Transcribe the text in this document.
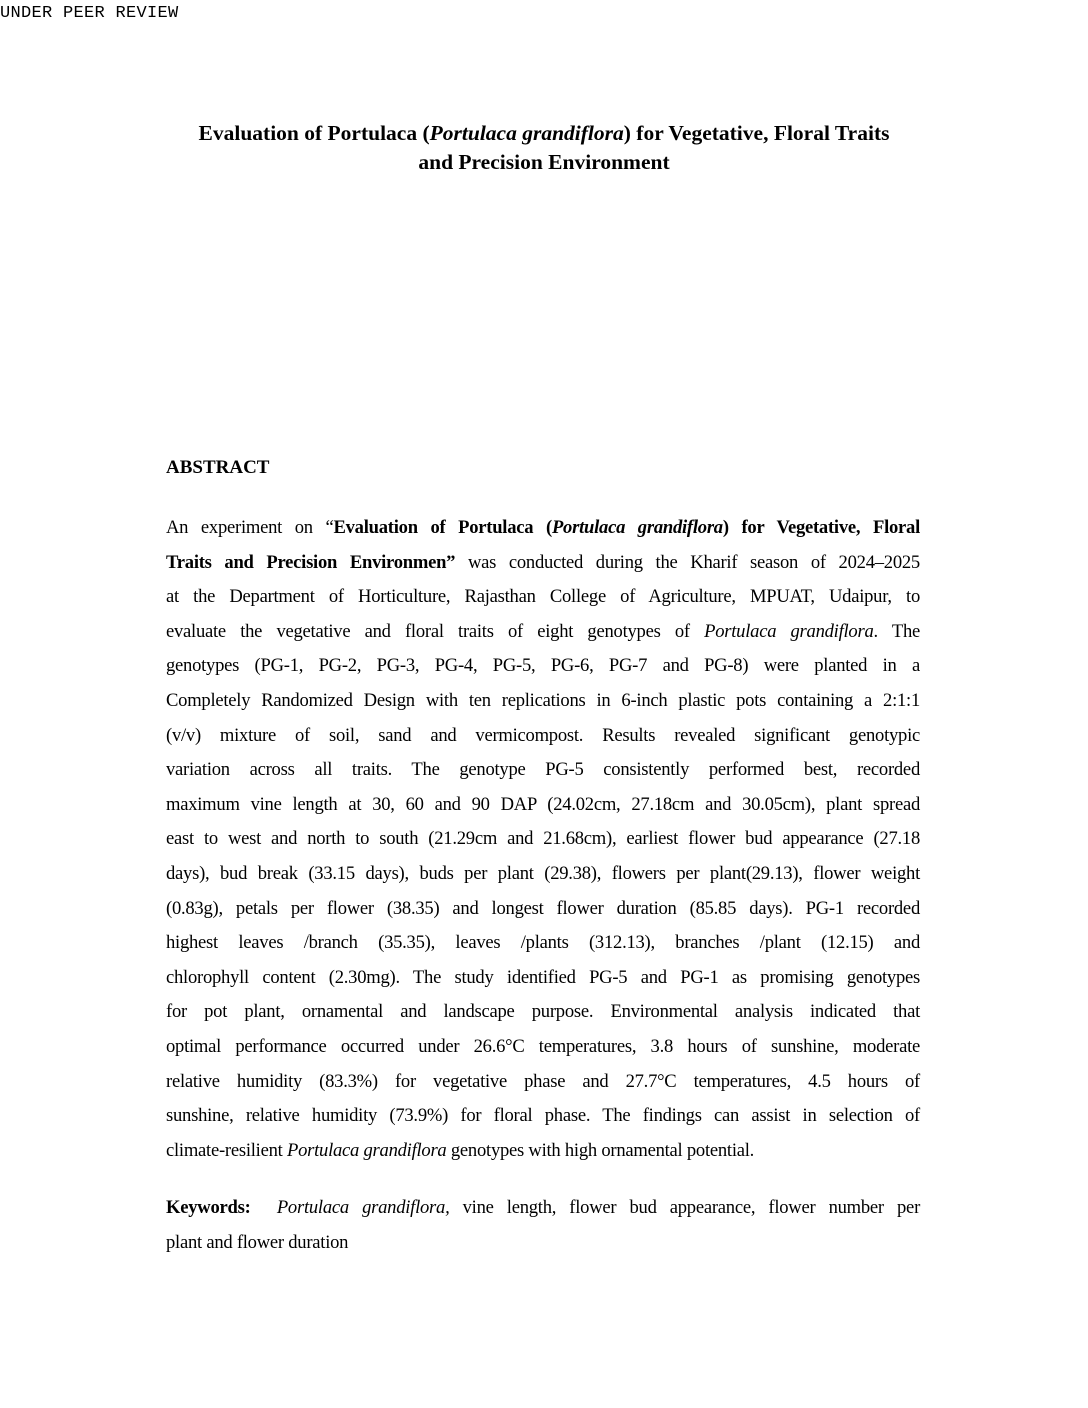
UNDER PEER REVIEW
Evaluation of Portulaca (Portulaca grandiflora) for Vegetative, Floral Traits
and Precision Environment
ABSTRACT
An experiment on “Evaluation of Portulaca (Portulaca grandiflora) for Vegetative, Floral
Traits and Precision Environmen” was conducted during the Kharif season of 2024–2025
at the Department of Horticulture, Rajasthan College of Agriculture, MPUAT, Udaipur, to
evaluate the vegetative and floral traits of eight genotypes of Portulaca grandiflora. The
genotypes (PG-1, PG-2, PG-3, PG-4, PG-5, PG-6, PG-7 and PG-8) were planted in a
Completely Randomized Design with ten replications in 6-inch plastic pots containing a 2:1:1
(v/v) mixture of soil, sand and vermicompost. Results revealed significant genotypic
variation across all traits. The genotype PG-5 consistently performed best, recorded
maximum vine length at 30, 60 and 90 DAP (24.02cm, 27.18cm and 30.05cm), plant spread
east to west and north to south (21.29cm and 21.68cm), earliest flower bud appearance (27.18
days), bud break (33.15 days), buds per plant (29.38), flowers per plant(29.13), flower weight
(0.83g), petals per flower (38.35) and longest flower duration (85.85 days). PG-1 recorded
highest leaves /branch (35.35), leaves /plants (312.13), branches /plant (12.15) and
chlorophyll content (2.30mg). The study identified PG-5 and PG-1 as promising genotypes
for pot plant, ornamental and landscape purpose. Environmental analysis indicated that
optimal performance occurred under 26.6°C temperatures, 3.8 hours of sunshine, moderate
relative humidity (83.3%) for vegetative phase and 27.7°C temperatures, 4.5 hours of
sunshine, relative humidity (73.9%) for floral phase. The findings can assist in selection of
climate-resilient Portulaca grandiflora genotypes with high ornamental potential.
Keywords: Portulaca grandiflora, vine length, flower bud appearance, flower number per
plant and flower duration
